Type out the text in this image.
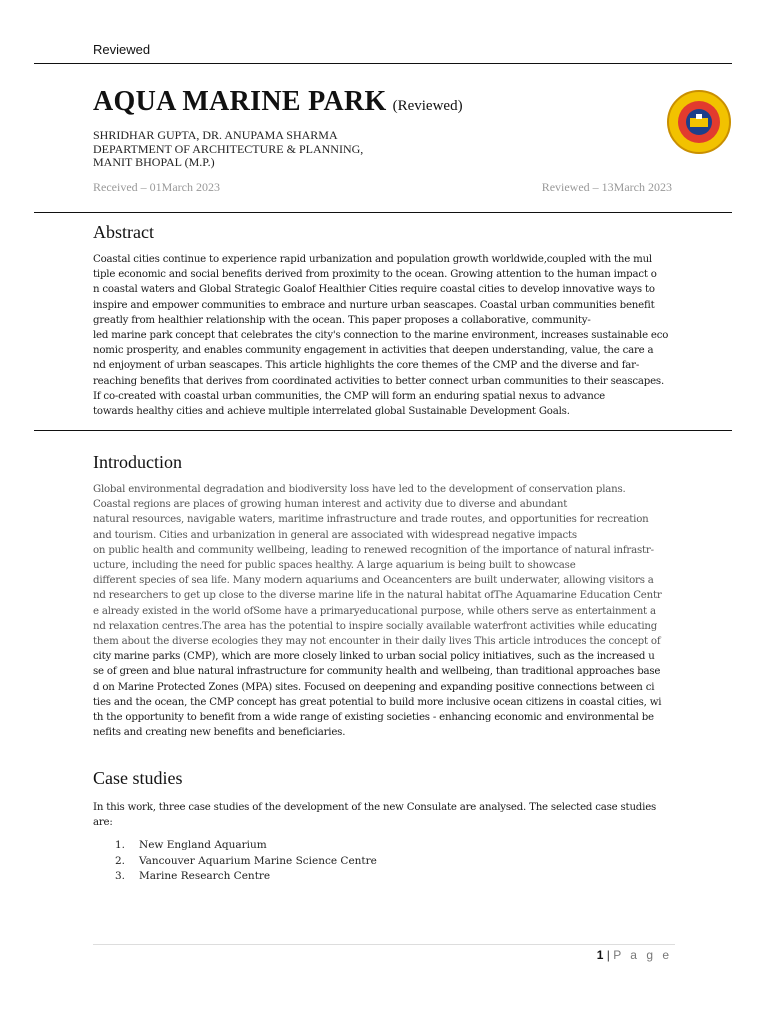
Reviewed
AQUA MARINE PARK (Reviewed)
SHRIDHAR GUPTA, DR. ANUPAMA SHARMA
DEPARTMENT OF ARCHITECTURE & PLANNING,
MANIT BHOPAL (M.P.)
Received – 01March 2023	Reviewed – 13March 2023
Abstract
Coastal cities continue to experience rapid urbanization and population growth worldwide,coupled with the mul
tiple economic and social benefits derived from proximity to the ocean. Growing attention to the human impact o
n coastal waters and Global Strategic Goalof Healthier Cities require coastal cities to develop innovative ways to
inspire and empower communities to embrace and nurture urban seascapes. Coastal urban communities benefit
greatly from healthier relationship with the ocean. This paper proposes a collaborative, community-
led marine park concept that celebrates the city's connection to the marine environment, increases sustainable eco
nomic prosperity, and enables community engagement in activities that deepen understanding, value, the care a
nd enjoyment of urban seascapes. This article highlights the core themes of the CMP and the diverse and far-
reaching benefits that derives from coordinated activities to better connect urban communities to their seascapes.
If co-created with coastal urban communities, the CMP will form an enduring spatial nexus to advance
towards healthy cities and achieve multiple interrelated global Sustainable Development Goals.
Introduction
Global environmental degradation and biodiversity loss have led to the development of conservation plans.
Coastal regions are places of growing human interest and activity due to diverse and abundant
natural resources, navigable waters, maritime infrastructure and trade routes, and opportunities for recreation
and tourism. Cities and urbanization in general are associated with widespread negative impacts
on public health and community wellbeing, leading to renewed recognition of the importance of natural infrastr-
ucture, including the need for public spaces healthy. A large aquarium is being built to showcase
different species of sea life. Many modern aquariums and Oceancenters are built underwater, allowing visitors a
nd researchers to get up close to the diverse marine life in the natural habitat ofThe Aquamarine Education Centr
e already existed in the world ofSome have a primaryeducational purpose, while others serve as entertainment a
nd relaxation centres.The area has the potential to inspire socially available waterfront activities while educating
them about the diverse ecologies they may not encounter in their daily lives This article introduces the concept of
city marine parks (CMP), which are more closely linked to urban social policy initiatives, such as the increased u
se of green and blue natural infrastructure for community health and wellbeing, than traditional approaches base
d on Marine Protected Zones (MPA) sites. Focused on deepening and expanding positive connections between ci
ties and the ocean, the CMP concept has great potential to build more inclusive ocean citizens in coastal cities, wi
th the opportunity to benefit from a wide range of existing societies - enhancing economic and environmental be
nefits and creating new benefits and beneficiaries.
Case studies
In this work, three case studies of the development of the new Consulate are analysed. The selected case studies
are:
1. New England Aquarium
2. Vancouver Aquarium Marine Science Centre
3. Marine Research Centre
1 | P a g e
